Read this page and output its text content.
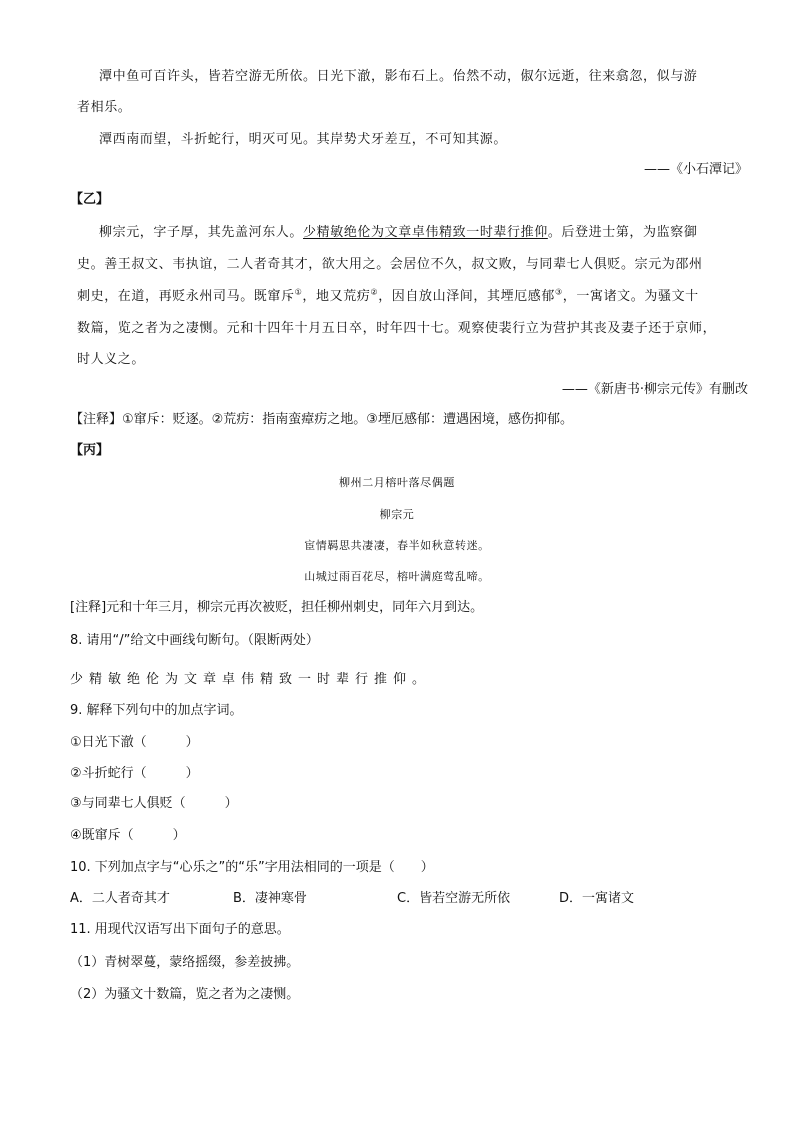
潭中鱼可百许头，皆若空游无所依。日光下澈，影布石上。佁然不动，俶尔远逝，往来翕忽，似与游
者相乐。
潭西南而望，斗折蛇行，明灭可见。其岸势犬牙差互，不可知其源。
——《小石潭记》
【乙】
柳宗元，字子厚，其先盖河东人。少精敏绝伦为文章卓伟精致一时辈行推仰。后登进士第，为监察御
史。善王叔文、韦执谊，二人者奇其才，欲大用之。会居位不久，叔文败，与同辈七人俱贬。宗元为邵州
刺史，在道，再贬永州司马。既窜斥①，地又荒疠②，因自放山泽间，其堙厄感郁③，一寓诸文。为骚文十
数篇，览之者为之凄恻。元和十四年十月五日卒，时年四十七。观察使裴行立为营护其丧及妻子还于京师，
时人义之。
——《新唐书·柳宗元传》有删改
【注释】①窜斥：贬逐。②荒疠：指南蛮瘴疠之地。③堙厄感郁：遭遇困境，感伤抑郁。
【丙】
柳州二月榕叶落尽偶题
柳宗元
宦情羁思共凄凄，春半如秋意转迷。
山城过雨百花尽，榕叶满庭莺乱啼。
[注释]元和十年三月，柳宗元再次被贬，担任柳州刺史，同年六月到达。
8. 请用“/”给文中画线句断句。（限断两处）
少精敏绝伦为文章卓伟精致一时辈行推仰。
9. 解释下列句中的加点字词。
①日光下澈（　　　）
②斗折蛇行（　　　）
③与同辈七人俱贬（　　　）
④既窜斥（　　　）
10. 下列加点字与“心乐之”的“乐”字用法相同的一项是（　　）
A．二人者奇其才	B．凄神寒骨	C．皆若空游无所依	D．一寓诸文
11. 用现代汉语写出下面句子的意思。
（1）青树翠蔓，蒙络摇缀，参差披拂。
（2）为骚文十数篇，览之者为之凄恻。
